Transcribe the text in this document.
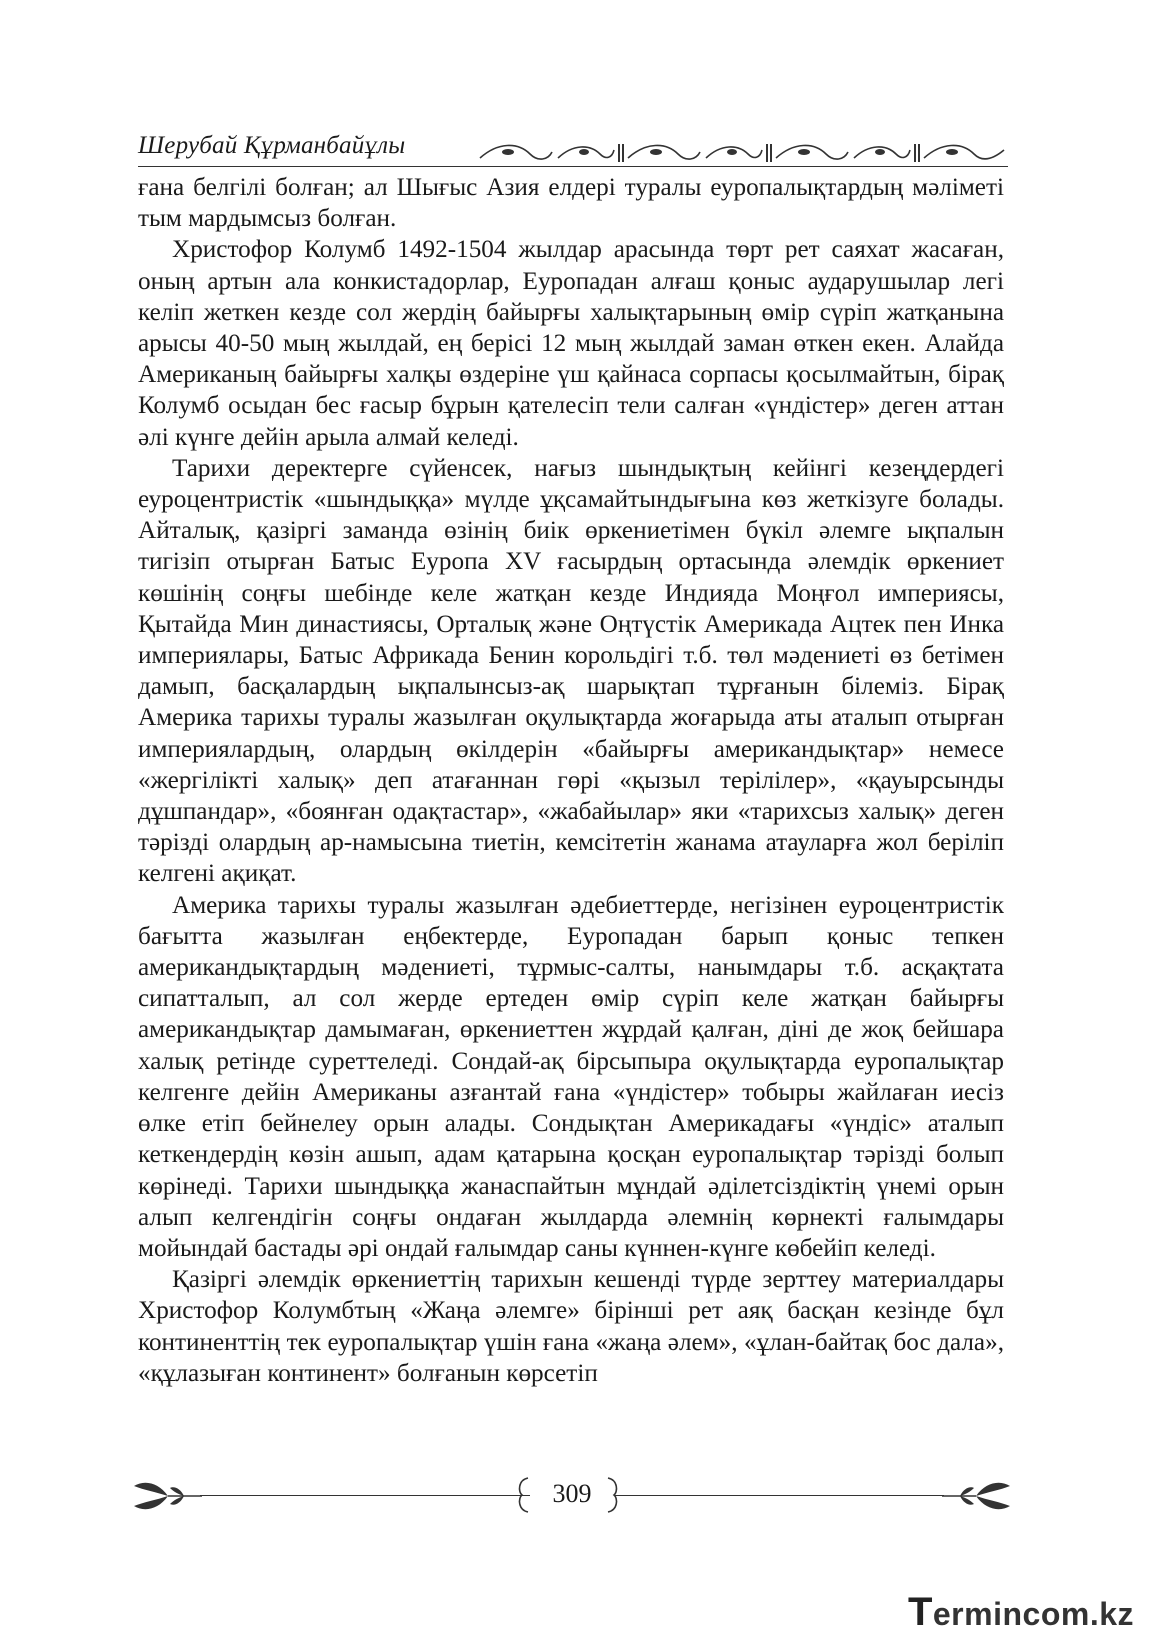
Шерубай Құрманбайұлы

ғана белгілі болған; ал Шығыс Азия елдері туралы еуропалықтардың мәліметі тым мардымсыз болған.

Христофор Колумб 1492-1504 жылдар арасында төрт рет саяхат жасаған, оның артын ала конкистадорлар, Еуропадан алғаш қоныс аударушылар легі келіп жеткен кезде сол жердің байырғы халықтарының өмір сүріп жатқанына арысы 40-50 мың жылдай, ең берісі 12 мың жылдай заман өткен екен. Алайда Американың байырғы халқы өздеріне үш қайнаса сорпасы қосылмайтын, бірақ Колумб осыдан бес ғасыр бұрын қателесіп тели салған «үндістер» деген аттан әлі күнге дейін арыла алмай келеді.

Тарихи деректерге сүйенсек, нағыз шындықтың кейінгі кезеңдердегі еуроцентристік «шындыққа» мүлде ұқсамайтындығына көз жеткізуге болады. Айталық, қазіргі заманда өзінің биік өркениетімен бүкіл әлемге ықпалын тигізіп отырған Батыс Еуропа XV ғасырдың ортасында әлемдік өркениет көшінің соңғы шебінде келе жатқан кезде Индияда Моңғол империясы, Қытайда Мин династиясы, Орталық және Оңтүстік Америкада Ацтек пен Инка империялары, Батыс Африкада Бенин корольдігі т.б. төл мәдениеті өз бетімен дамып, басқалардың ықпалынсыз-ақ шарықтап тұрғанын білеміз. Бірақ Америка тарихы туралы жазылған оқулықтарда жоғарыда аты аталып отырған империялардың, олардың өкілдерін «байырғы американдықтар» немесе «жергілікті халық» деп атағаннан гөрі «қызыл терілілер», «қауырсынды дұшпандар», «боянған одақтастар», «жабайылар» яки «тарихсыз халық» деген тәрізді олардың ар-намысына тиетін, кемсітетін жанама атауларға жол беріліп келгені ақиқат.

Америка тарихы туралы жазылған әдебиеттерде, негізінен еуроцентристік бағытта жазылған еңбектерде, Еуропадан барып қоныс тепкен американдықтардың мәдениеті, тұрмыс-салты, нанымдары т.б. асқақтата сипатталып, ал сол жерде ертеден өмір сүріп келе жатқан байырғы американдықтар дамымаған, өркениеттен жұрдай қалған, діні де жоқ бейшара халық ретінде суреттеледі. Сондай-ақ бірсыпыра оқулықтарда еуропалықтар келгенге дейін Американы азғантай ғана «үндістер» тобыры жайлаған иесіз өлке етіп бейнелеу орын алады. Сондықтан Америкадағы «үндіс» аталып кеткендердің көзін ашып, адам қатарына қосқан еуропалықтар тәрізді болып көрінеді. Тарихи шындыққа жанаспайтын мұндай әділетсіздіктің үнемі орын алып келгендігін соңғы ондаған жылдарда әлемнің көрнекті ғалымдары мойындай бастады әрі ондай ғалымдар саны күннен-күнге көбейіп келеді.

Қазіргі әлемдік өркениеттің тарихын кешенді түрде зерттеу материалдары Христофор Колумбтың «Жаңа әлемге» бірінші рет аяқ басқан кезінде бұл континенттің тек еуропалықтар үшін ғана «жаңа әлем», «ұлан-байтақ бос дала», «құлазыған континент» болғанын көрсетіп

309
Termincom.kz
